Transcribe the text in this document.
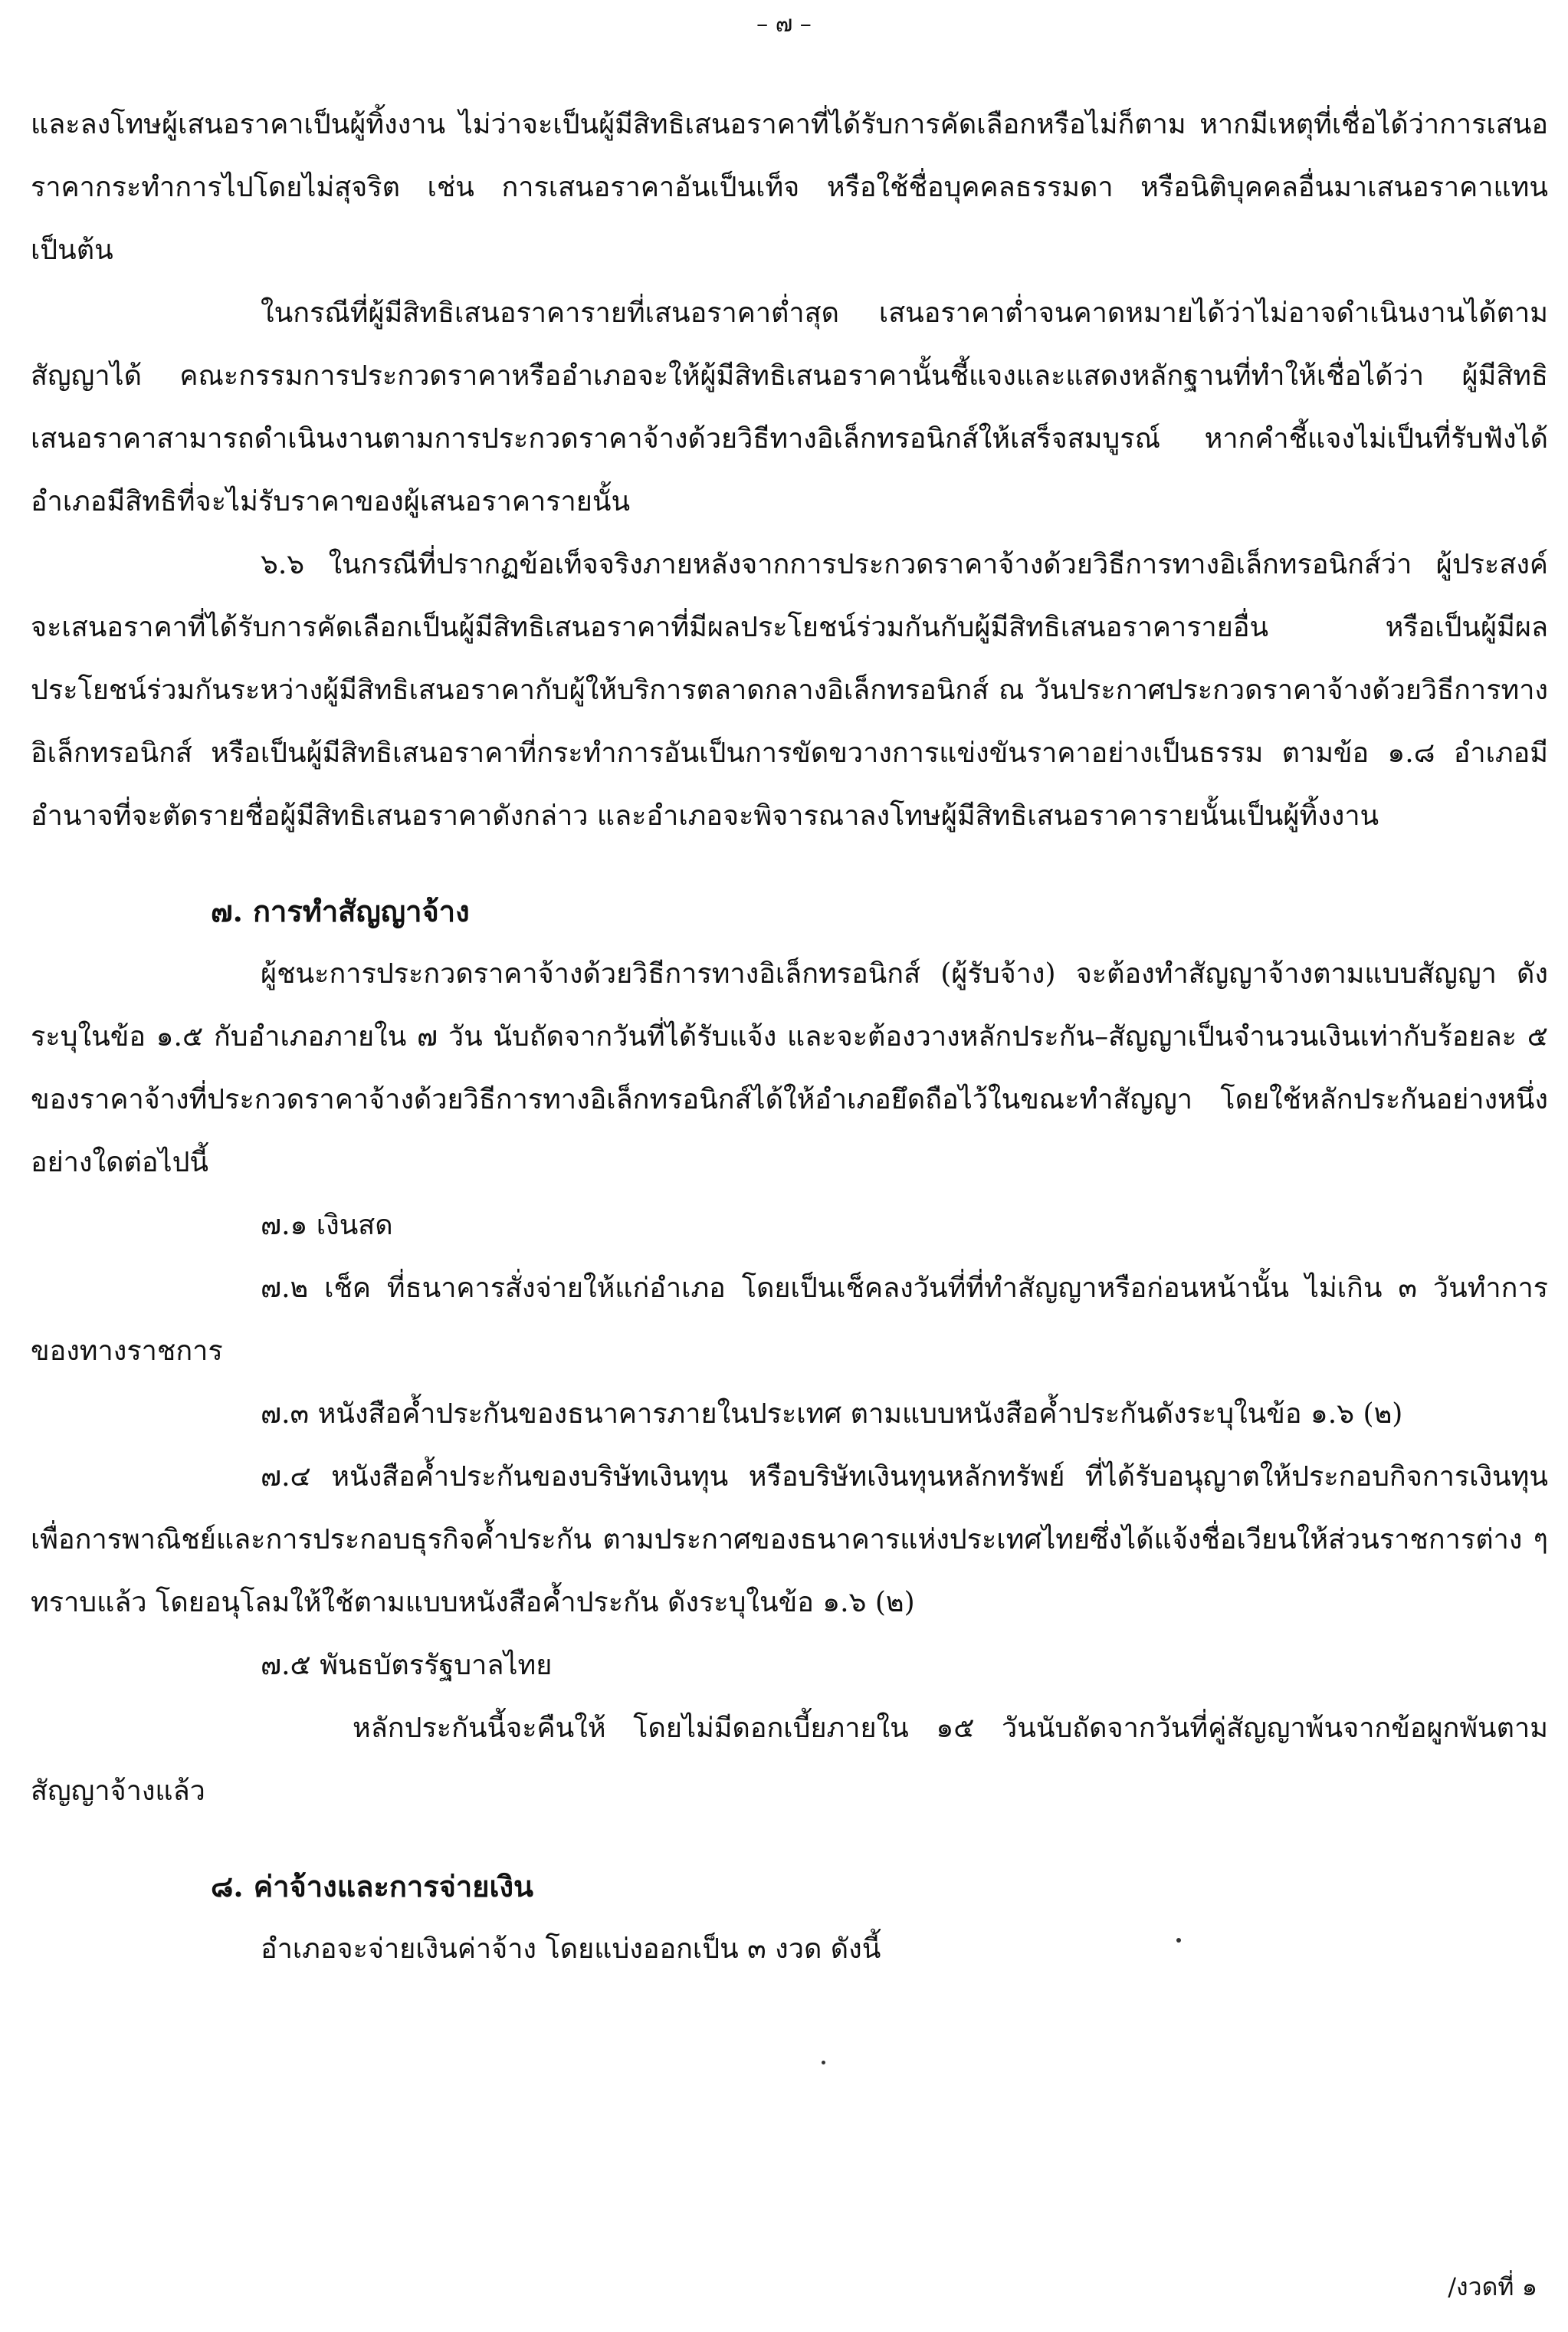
– ๗ –

และลงโทษผู้เสนอราคาเป็นผู้ทิ้งงาน ไม่ว่าจะเป็นผู้มีสิทธิเสนอราคาที่ได้รับการคัดเลือกหรือไม่ก็ตาม หากมีเหตุที่เชื่อได้ว่าการเสนอราคากระทำการไปโดยไม่สุจริต เช่น การเสนอราคาอันเป็นเท็จ หรือใช้ชื่อบุคคลธรรมดา หรือนิติบุคคลอื่นมาเสนอราคาแทน เป็นต้น

ในกรณีที่ผู้มีสิทธิเสนอราคารายที่เสนอราคาต่ำสุด เสนอราคาต่ำจนคาดหมายได้ว่าไม่อาจดำเนินงานได้ตามสัญญาได้ คณะกรรมการประกวดราคาหรืออำเภอจะให้ผู้มีสิทธิเสนอราคานั้นชี้แจงและแสดงหลักฐานที่ทำให้เชื่อได้ว่า ผู้มีสิทธิเสนอราคาสามารถดำเนินงานตามการประกวดราคาจ้างด้วยวิธีทางอิเล็กทรอนิกส์ให้เสร็จสมบูรณ์ หากคำชี้แจงไม่เป็นที่รับฟังได้ อำเภอมีสิทธิที่จะไม่รับราคาของผู้เสนอราคารายนั้น

๖.๖ ในกรณีที่ปรากฏข้อเท็จจริงภายหลังจากการประกวดราคาจ้างด้วยวิธีการทางอิเล็กทรอนิกส์ว่า ผู้ประสงค์จะเสนอราคาที่ได้รับการคัดเลือกเป็นผู้มีสิทธิเสนอราคาที่มีผลประโยชน์ร่วมกันกับผู้มีสิทธิเสนอราคารายอื่น หรือเป็นผู้มีผลประโยชน์ร่วมกันระหว่างผู้มีสิทธิเสนอราคากับผู้ให้บริการตลาดกลางอิเล็กทรอนิกส์ ณ วันประกาศประกวดราคาจ้างด้วยวิธีการทางอิเล็กทรอนิกส์ หรือเป็นผู้มีสิทธิเสนอราคาที่กระทำการอันเป็นการขัดขวางการแข่งขันราคาอย่างเป็นธรรม ตามข้อ ๑.๘ อำเภอมีอำนาจที่จะตัดรายชื่อผู้มีสิทธิเสนอราคาดังกล่าว และอำเภอจะพิจารณาลงโทษผู้มีสิทธิเสนอราคารายนั้นเป็นผู้ทิ้งงาน

๗. การทำสัญญาจ้าง

ผู้ชนะการประกวดราคาจ้างด้วยวิธีการทางอิเล็กทรอนิกส์ (ผู้รับจ้าง) จะต้องทำสัญญาจ้างตามแบบสัญญา ดังระบุในข้อ ๑.๕ กับอำเภอภายใน ๗ วัน นับถัดจากวันที่ได้รับแจ้ง และจะต้องวางหลักประกัน–สัญญาเป็นจำนวนเงินเท่ากับร้อยละ ๕ ของราคาจ้างที่ประกวดราคาจ้างด้วยวิธีการทางอิเล็กทรอนิกส์ได้ให้อำเภอยึดถือไว้ในขณะทำสัญญา โดยใช้หลักประกันอย่างหนึ่งอย่างใดต่อไปนี้

๗.๑ เงินสด

๗.๒ เช็ค ที่ธนาคารสั่งจ่ายให้แก่อำเภอ โดยเป็นเช็คลงวันที่ที่ทำสัญญาหรือก่อนหน้านั้น ไม่เกิน ๓ วันทำการของทางราชการ

๗.๓ หนังสือค้ำประกันของธนาคารภายในประเทศ ตามแบบหนังสือค้ำประกันดังระบุในข้อ ๑.๖ (๒)

๗.๔ หนังสือค้ำประกันของบริษัทเงินทุน หรือบริษัทเงินทุนหลักทรัพย์ ที่ได้รับอนุญาตให้ประกอบกิจการเงินทุนเพื่อการพาณิชย์และการประกอบธุรกิจค้ำประกัน ตามประกาศของธนาคารแห่งประเทศไทยซึ่งได้แจ้งชื่อเวียนให้ส่วนราชการต่าง ๆ ทราบแล้ว โดยอนุโลมให้ใช้ตามแบบหนังสือค้ำประกัน ดังระบุในข้อ ๑.๖ (๒)

๗.๕ พันธบัตรรัฐบาลไทย

หลักประกันนี้จะคืนให้ โดยไม่มีดอกเบี้ยภายใน ๑๕ วันนับถัดจากวันที่คู่สัญญาพ้นจากข้อผูกพันตามสัญญาจ้างแล้ว

๘. ค่าจ้างและการจ่ายเงิน

อำเภอจะจ่ายเงินค่าจ้าง โดยแบ่งออกเป็น ๓ งวด ดังนี้

/งวดที่ ๑
